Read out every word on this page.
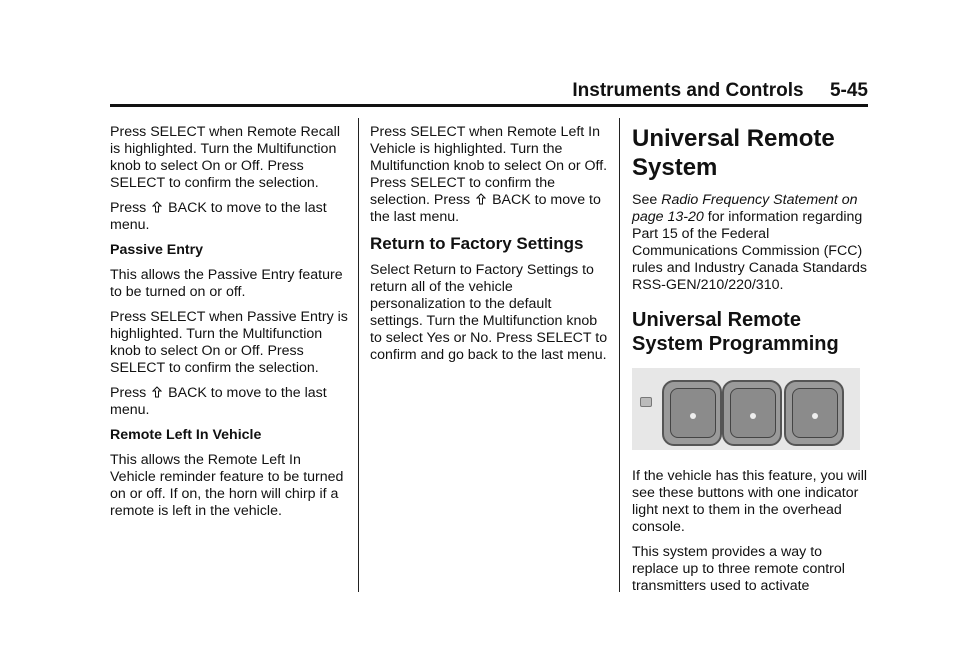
Instruments and Controls     5-45

Press SELECT when Remote Recall is highlighted. Turn the Multifunction knob to select On or Off. Press SELECT to confirm the selection.

Press BACK to move to the last menu.

Passive Entry

This allows the Passive Entry feature to be turned on or off.

Press SELECT when Passive Entry is highlighted. Turn the Multifunction knob to select On or Off. Press SELECT to confirm the selection.

Press BACK to move to the last menu.

Remote Left In Vehicle

This allows the Remote Left In Vehicle reminder feature to be turned on or off. If on, the horn will chirp if a remote is left in the vehicle.

Press SELECT when Remote Left In Vehicle is highlighted. Turn the Multifunction knob to select On or Off. Press SELECT to confirm the selection. Press BACK to move to the last menu.

Return to Factory Settings

Select Return to Factory Settings to return all of the vehicle personalization to the default settings. Turn the Multifunction knob to select Yes or No. Press SELECT to confirm and go back to the last menu.

Universal Remote System

See Radio Frequency Statement on page 13-20 for information regarding Part 15 of the Federal Communications Commission (FCC) rules and Industry Canada Standards RSS-GEN/210/220/310.

Universal Remote System Programming

If the vehicle has this feature, you will see these buttons with one indicator light next to them in the overhead console.

This system provides a way to replace up to three remote control transmitters used to activate
